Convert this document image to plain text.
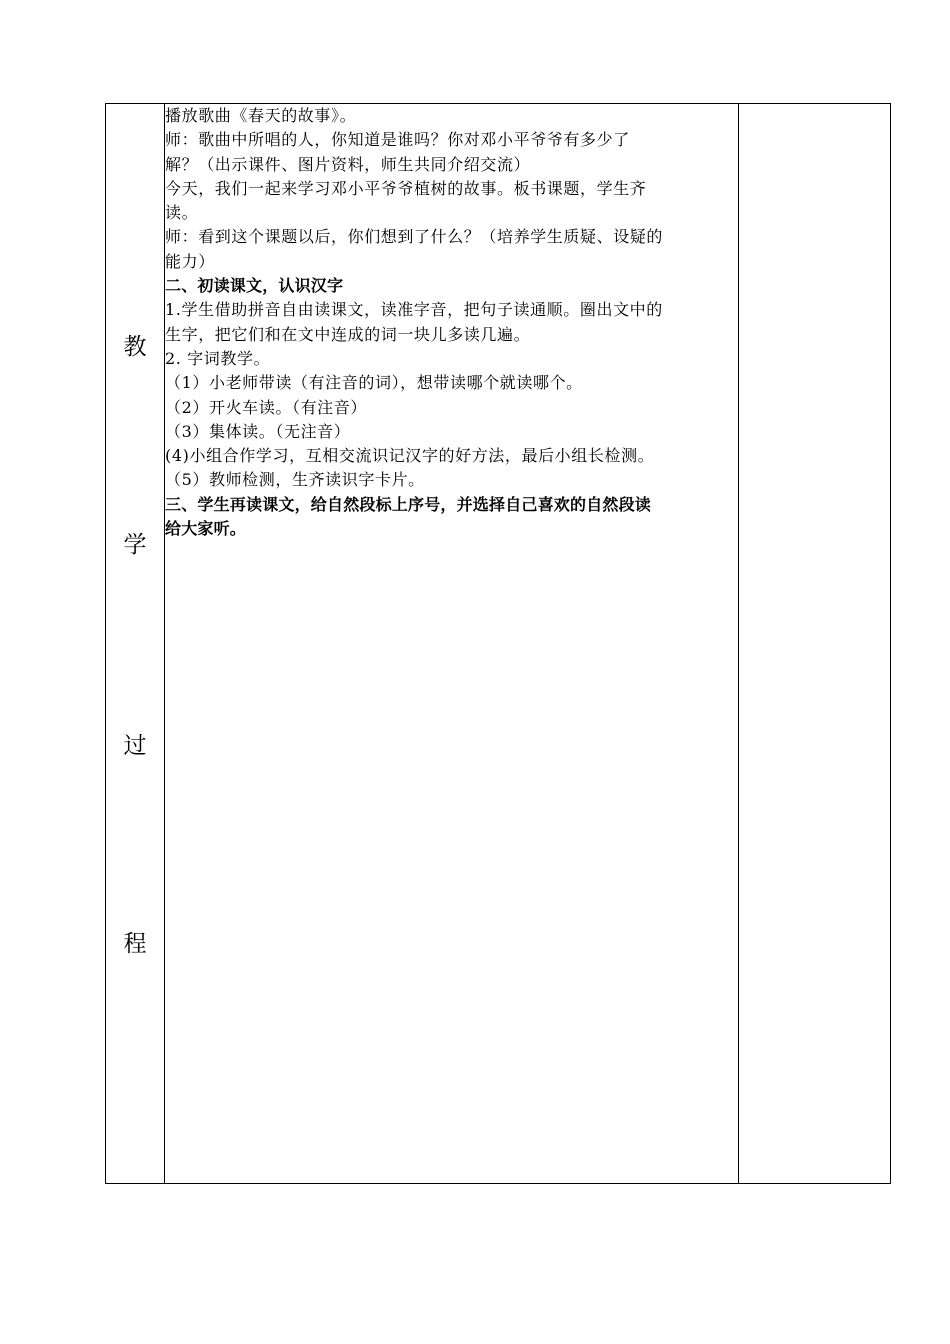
教
学
过
程

播放歌曲《春天的故事》。
师：歌曲中所唱的人，你知道是谁吗？你对邓小平爷爷有多少了
解？（出示课件、图片资料，师生共同介绍交流）
今天，我们一起来学习邓小平爷爷植树的故事。板书课题，学生齐
读。
师：看到这个课题以后，你们想到了什么？（培养学生质疑、设疑的
能力）
二、初读课文，认识汉字
1.学生借助拼音自由读课文，读准字音，把句子读通顺。圈出文中的
生字，把它们和在文中连成的词一块儿多读几遍。
2. 字词教学。
（1）小老师带读（有注音的词），想带读哪个就读哪个。
（2）开火车读。（有注音）
（3）集体读。（无注音）
(4)小组合作学习，互相交流识记汉字的好方法，最后小组长检测。
（5）教师检测，生齐读识字卡片。
三、学生再读课文，给自然段标上序号，并选择自己喜欢的自然段读
给大家听。
